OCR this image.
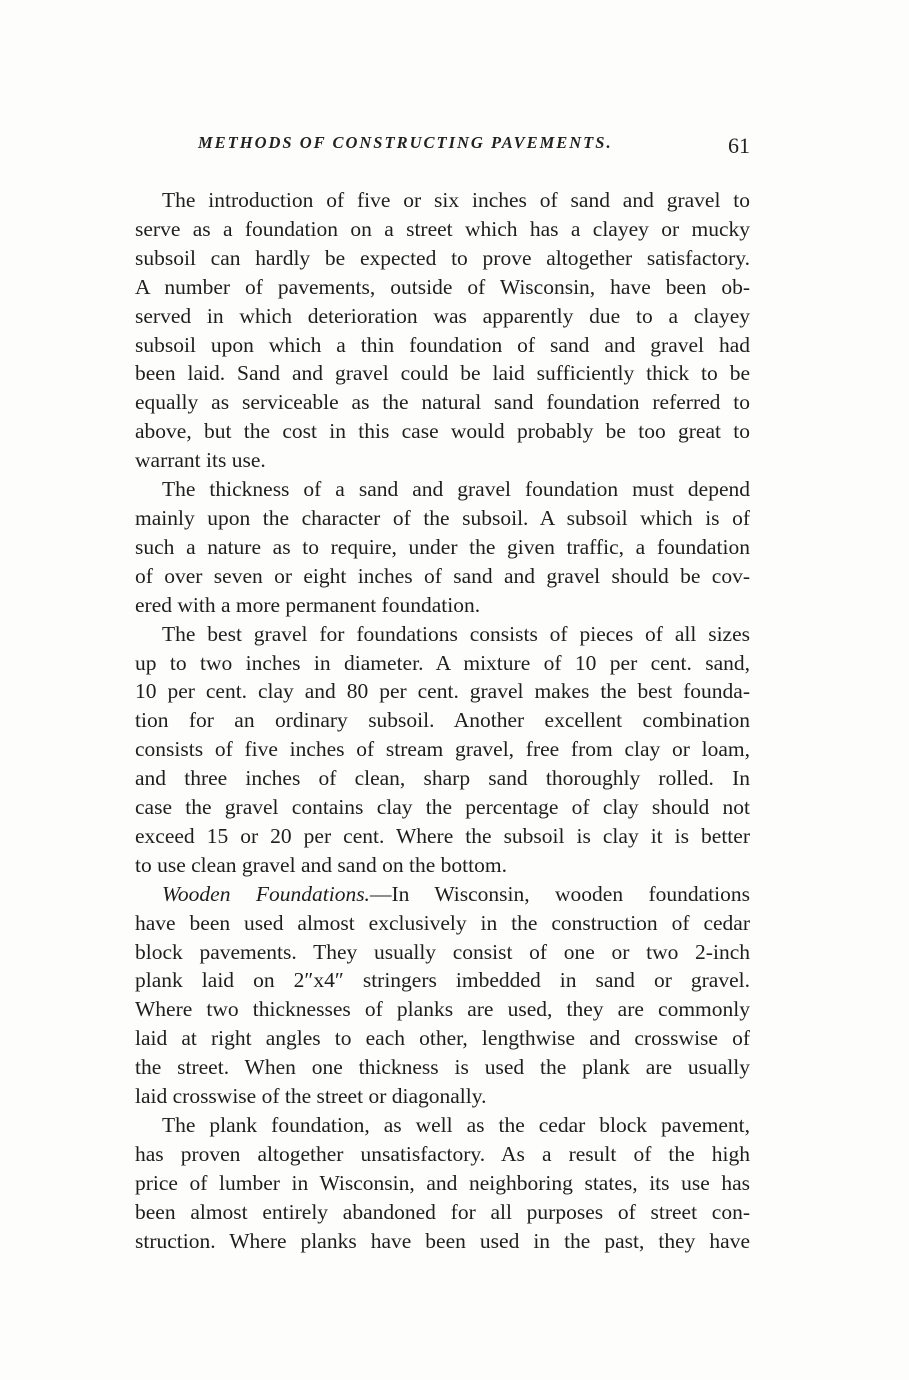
METHODS OF CONSTRUCTING PAVEMENTS.	61
The introduction of five or six inches of sand and gravel to
serve as a foundation on a street which has a clayey or mucky
subsoil can hardly be expected to prove altogether satisfactory.
A number of pavements, outside of Wisconsin, have been ob-
served in which deterioration was apparently due to a clayey
subsoil upon which a thin foundation of sand and gravel had
been laid. Sand and gravel could be laid sufficiently thick to be
equally as serviceable as the natural sand foundation referred to
above, but the cost in this case would probably be too great to
warrant its use.
The thickness of a sand and gravel foundation must depend
mainly upon the character of the subsoil. A subsoil which is of
such a nature as to require, under the given traffic, a foundation
of over seven or eight inches of sand and gravel should be cov-
ered with a more permanent foundation.
The best gravel for foundations consists of pieces of all sizes
up to two inches in diameter. A mixture of 10 per cent. sand,
10 per cent. clay and 80 per cent. gravel makes the best founda-
tion for an ordinary subsoil. Another excellent combination
consists of five inches of stream gravel, free from clay or loam,
and three inches of clean, sharp sand thoroughly rolled. In
case the gravel contains clay the percentage of clay should not
exceed 15 or 20 per cent. Where the subsoil is clay it is better
to use clean gravel and sand on the bottom.
Wooden Foundations.—In Wisconsin, wooden foundations
have been used almost exclusively in the construction of cedar
block pavements. They usually consist of one or two 2-inch
plank laid on 2″x4″ stringers imbedded in sand or gravel.
Where two thicknesses of planks are used, they are commonly
laid at right angles to each other, lengthwise and crosswise of
the street. When one thickness is used the plank are usually
laid crosswise of the street or diagonally.
The plank foundation, as well as the cedar block pavement,
has proven altogether unsatisfactory. As a result of the high
price of lumber in Wisconsin, and neighboring states, its use has
been almost entirely abandoned for all purposes of street con-
struction. Where planks have been used in the past, they have
